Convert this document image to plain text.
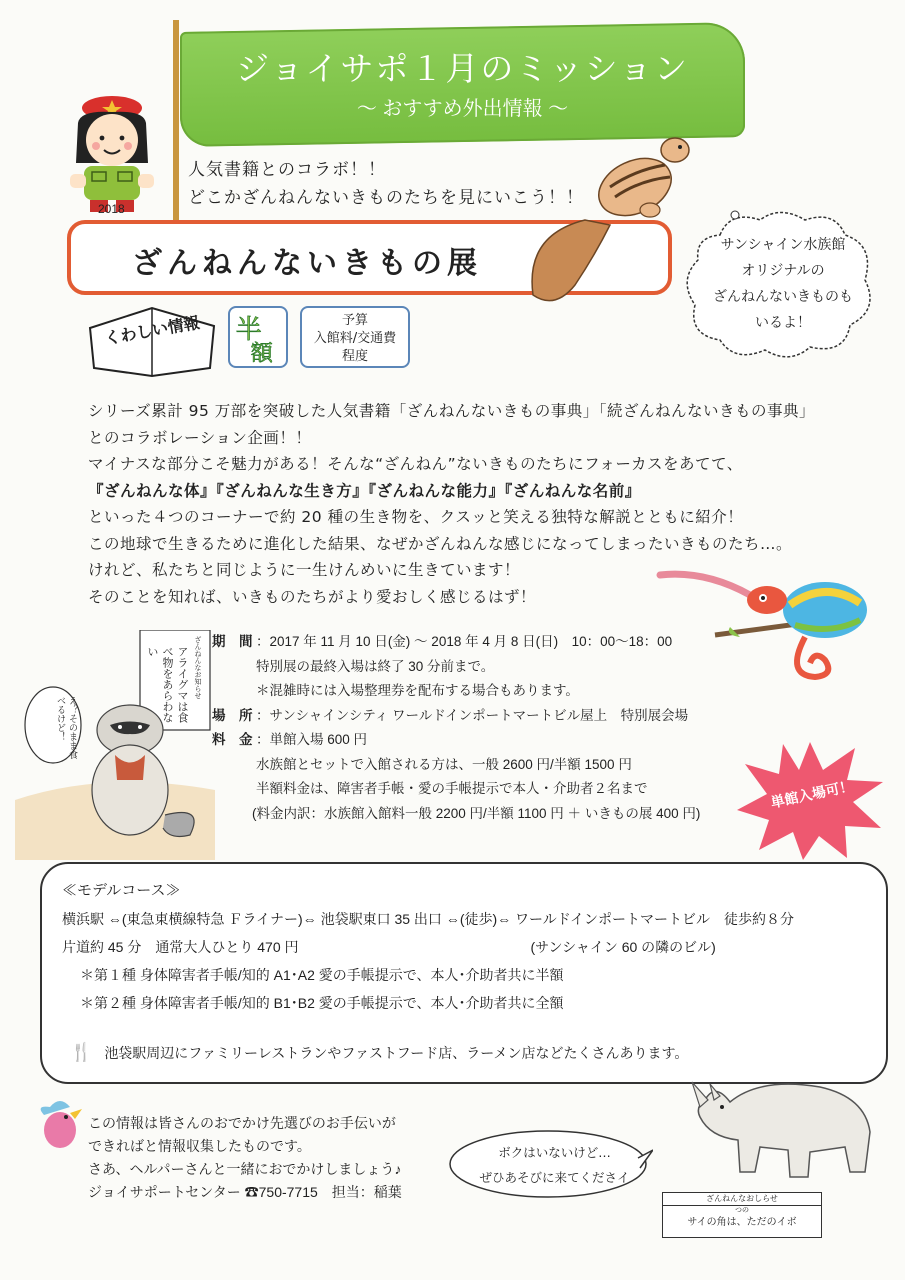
ジョイサポ１月のミッション
～ おすすめ外出情報 ～
2018
人気書籍とのコラボ！！
どこかざんねんないきものたちを見にいこう！！
ざんねんないきもの展
サンシャイン水族館
オリジナルの
ざんねんないきものも
いるよ！
くわしい情報 半
額
予算
入館料/交通費
程度
シリーズ累計 95 万部を突破した人気書籍「ざんねんないきもの事典」「続ざんねんないきもの事典」
とのコラボレーション企画！！
マイナスな部分こそ魅力がある！そんな“ざんねん”ないきものたちにフォーカスをあてて、
『ざんねんな体』『ざんねんな生き方』『ざんねんな能力』『ざんねんな名前』
といった４つのコーナーで約 20 種の生き物を、クスッと笑える独特な解説とともに紹介！
この地球で生きるために進化した結果、なぜかざんねんな感じになってしまったいきものたち…。
けれど、私たちと同じように一生けんめいに生きています！
そのことを知れば、いきものたちがより愛おしく感じるはず！
ざんねんなお知らせ
アライグマは食べ物をあらわない
え？そのまま食べるけど！
期　間 ：2017 年 11 月 10 日(金) ～ 2018 年 4 月 8 日(日)　10：00～18：00
特別展の最終入場は終了 30 分前まで。
＊混雑時には入場整理券を配布する場合もあります。
場　所 ：サンシャインシティ ワールドインポートマートビル屋上　特別展会場
料　金 ：単館入場 600 円
水族館とセットで入館される方は、一般 2600 円/半額 1500 円
半額料金は、障害者手帳・愛の手帳提示で本人・介助者２名まで
(料金内訳：水族館入館料一般 2200 円/半額 1100 円 ＋ いきもの展 400 円)
単館入場可！
≪モデルコース≫
横浜駅 ⇔(東急東横線特急 Ｆライナー)⇔ 池袋駅東口 35 出口 ⇔(徒歩)⇔ ワールドインポートマートビル　徒歩約８分
片道約 45 分　通常大人ひとり 470 円	(サンシャイン 60 の隣のビル)
＊第１種 身体障害者手帳/知的 A1･A2 愛の手帳提示で、本人･介助者共に半額
＊第２種 身体障害者手帳/知的 B1･B2 愛の手帳提示で、本人･介助者共に全額
🍴 池袋駅周辺にファミリーレストランやファストフード店、ラーメン店などたくさんあります。
この情報は皆さんのおでかけ先選びのお手伝いが
できればと情報収集したものです。
さあ、ヘルパーさんと一緒におでかけしましょう♪
ジョイサポートセンター ☎750-7715　担当：稲葉
ボクはいないけど…
ぜひあそびに来てくださイ
ざんねんなおしらせ
つの
サイの角は、ただのイボ
